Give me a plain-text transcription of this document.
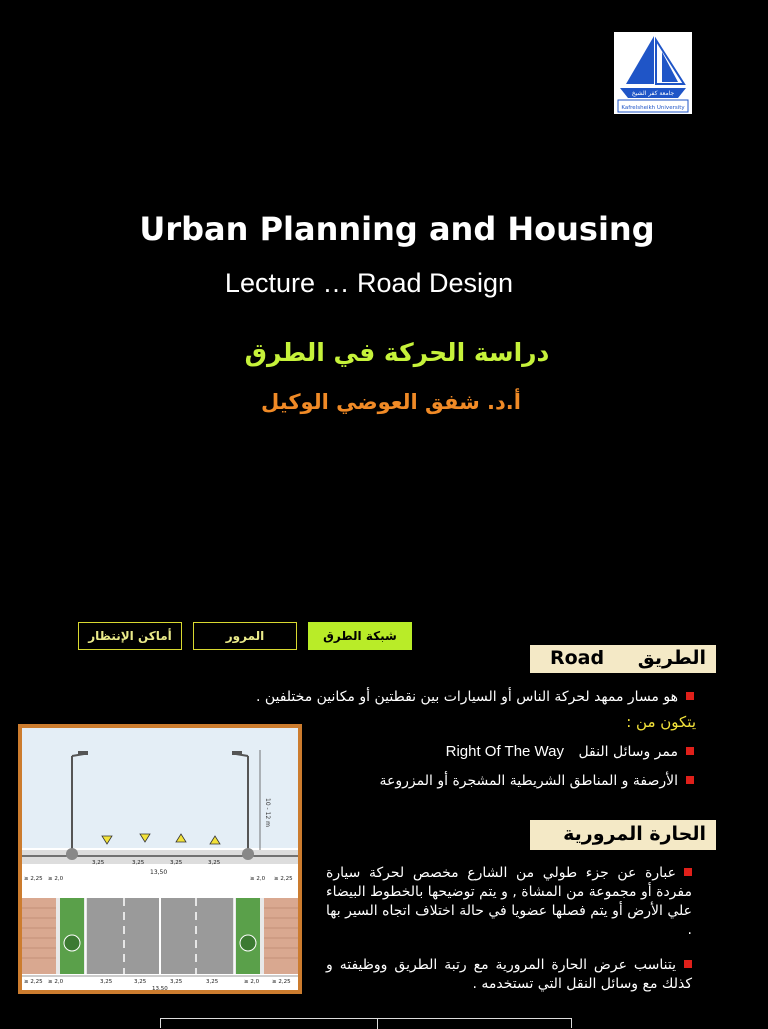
جامعة كفر الشيخ
Kafrelsheikh University
Urban Planning and Housing
Lecture … Road Design
دراسة الحركة في الطرق
أ.د. شفق العوضي الوكيل
أماكن الإنتظار	المرور	شبكة الطرق
الطريق
Road
هو مسار ممهد لحركة الناس أو السيارات بين نقطتين أو مكانين مختلفين .
يتكون من :
ممر وسائل النقل Right Of The Way
الأرصفة و المناطق الشريطية المشجرة أو المزروعة
الحارة المرورية
عبارة عن جزء طولي من الشارع مخصص لحركة سيارة مفردة أو مجموعة من المشاة , و يتم توضيحها بالخطوط البيضاء علي الأرض أو يتم فصلها عضويا في حالة اختلاف اتجاه السير بها .
يتناسب عرض الحارة المرورية مع رتبة الطريق ووظيفته و كذلك مع وسائل النقل التي تستخدمه .
10 - 12 m
3,25	3,25	3,25	3,25
13,50
≥ 2,25 ≥ 2,0	≥ 2,0 ≥ 2,25
≥ 2,25 ≥ 2,0	3,25	3,25	3,25	3,25	≥ 2,0 ≥ 2,25
13,50
